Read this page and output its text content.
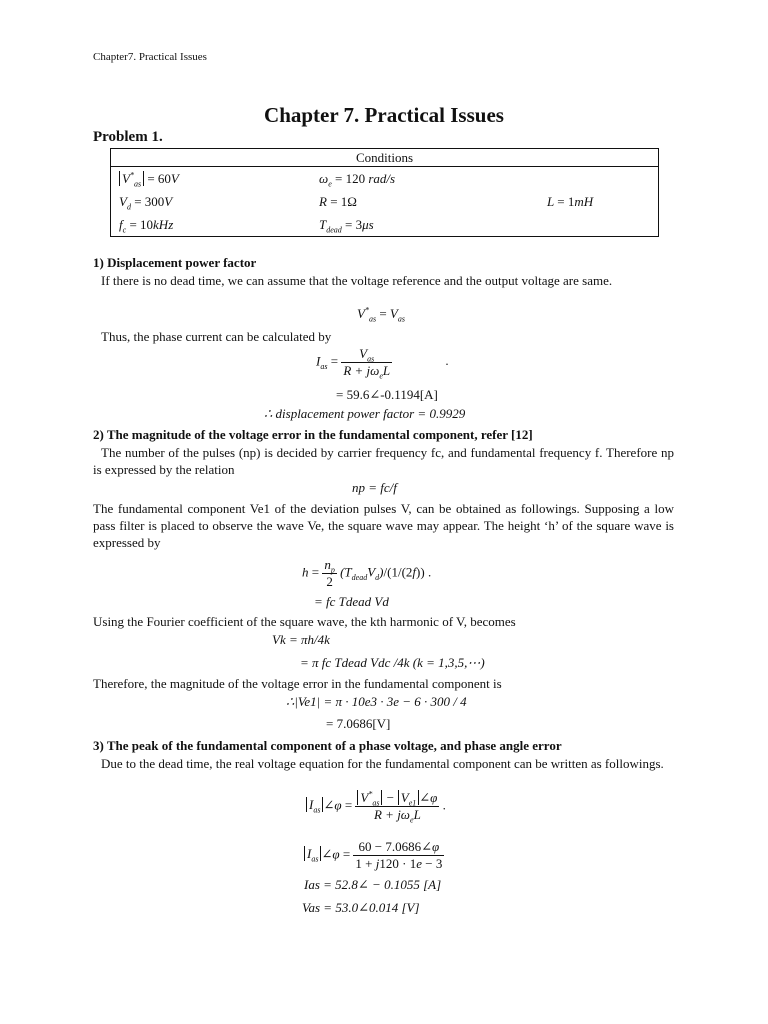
Chapter7. Practical Issues
Chapter 7. Practical Issues
Problem 1.
Conditions		
$V^*_{as} = 60V$	$\omega_e = 120$ rad/s	
$V_d = 300V$	R = 1Ω	L = 1mH
$f_c = 10kHz$	$T_{dead} = 3\mu s$	
1) Displacement power factor
If there is no dead time, we can assume that the voltage reference and the output voltage are same.
$V^*_{as} = V_{as}$
Thus, the phase current can be calculated by
$I_{as} = \frac{V_{as}}{R + j\omega_eL}$	.
= 59.6∠-0.1194[A]
∴ displacement power factor = 0.9929
2) The magnitude of the voltage error in the fundamental component, refer [12]
The number of the pulses (np) is decided by carrier frequency fc, and fundamental frequency f. Therefore np is expressed by the relation
np = fc/f
The fundamental component Ve1 of the deviation pulses V, can be obtained as followings. Supposing a low pass filter is placed to observe the wave Ve, the square wave may appear. The height ‘h’ of the square wave is expressed by
$h = \frac{n_p}{2} (T_{dead}V_d)/(1/(2f))$ .
= fc Tdead Vd
Using the Fourier coefficient of the square wave, the kth harmonic of V, becomes
Vk = πh/4k
= π fc Tdead Vdc /4k (k = 1,3,5,⋯)
Therefore, the magnitude of the voltage error in the fundamental component is
∴|Ve1| = π · 10e3 · 3e − 6 · 300 / 4
= 7.0686[V]
3) The peak of the fundamental component of a phase voltage, and phase angle error
Due to the dead time, the real voltage equation for the fundamental component can be written as followings.
$I_{as}$ ∠φ = $\frac{V^*_{as} - V_{e1} \angle\varphi}{R + j\omega_eL}$ .
$I_{as}$ ∠φ = $\frac{60 - 7.0686\angle\varphi}{1 + j120 \cdot 1e - 3}$
Ias = 52.8∠ − 0.1055 [A]
Vas = 53.0∠0.014 [V]
